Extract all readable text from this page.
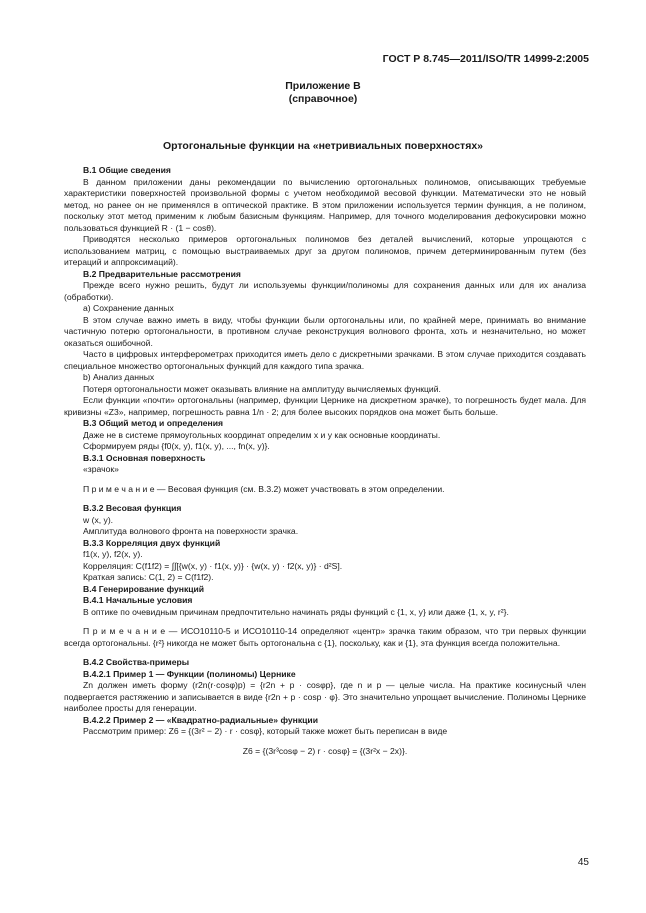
ГОСТ Р 8.745—2011/ISO/TR 14999-2:2005
Приложение В
(справочное)
Ортогональные функции на «нетривиальных поверхностях»

В.1 Общие сведения

В данном приложении даны рекомендации по вычислению ортогональных полиномов, описывающих требуемые характеристики поверхностей произвольной формы с учетом необходимой весовой функции. Математически это не новый метод, но ранее он не применялся в оптической практике. В этом приложении используется термин функция, а не полином, поскольку этот метод применим к любым базисным функциям. Например, для точного моделирования дефокусировки можно пользоваться функцией R · (1 − cosθ).

Приводятся несколько примеров ортогональных полиномов без деталей вычислений, которые упрощаются с использованием матриц, с помощью выстраиваемых друг за другом полиномов, причем детерминированным путем (без итераций и аппроксимаций).

В.2 Предварительные рассмотрения

Прежде всего нужно решить, будут ли используемы функции/полиномы для сохранения данных или для их анализа (обработки).

а) Сохранение данных

В этом случае важно иметь в виду, чтобы функции были ортогональны или, по крайней мере, принимать во внимание частичную потерю ортогональности, в противном случае реконструкция волнового фронта, хоть и незначительно, но может оказаться ошибочной.

Часто в цифровых интерферометрах приходится иметь дело с дискретными зрачками. В этом случае приходится создавать специальное множество ортогональных функций для каждого типа зрачка.

b) Анализ данных

Потеря ортогональности может оказывать влияние на амплитуду вычисляемых функций.

Если функции «почти» ортогональны (например, функции Цернике на дискретном зрачке), то погрешность будет мала. Для кривизны «Z3», например, погрешность равна 1/n · 2; для более высоких порядков она может быть больше.

В.3 Общий метод и определения

Даже не в системе прямоугольных координат определим x и y как основные координаты.

Сформируем ряды {f0(x, y), f1(x, y), ..., fn(x, y)}.

В.3.1 Основная поверхность

«зрачок»

П р и м е ч а н и е — Весовая функция (см. В.3.2) может участвовать в этом определении.

В.3.2 Весовая функция

w (x, y).

Амплитуда волнового фронта на поверхности зрачка.

В.3.3 Корреляция двух функций

f1(x, y), f2(x, y).

Корреляция: C(f1f2) = ∫∫[{w(x, y) · f1(x, y)} · {w(x, y) · f2(x, y)} · d²S].

Краткая запись: C(1, 2) = C(f1f2).

В.4 Генерирование функций

В.4.1 Начальные условия

В оптике по очевидным причинам предпочтительно начинать ряды функций с {1, x, y} или даже {1, x, y, r²}.

П р и м е ч а н и е — ИСО10110-5 и ИСО10110-14 определяют «центр» зрачка таким образом, что три первых функции всегда ортогональны. {r²} никогда не может быть ортогональна с {1}, поскольку, как и {1}, эта функция всегда положительна.

В.4.2 Свойства-примеры

В.4.2.1 Пример 1 — Функции (полиномы) Цернике

Zn должен иметь форму (r2n(r·cosφ)p) = {r2n + p · cosφp}, где n и p — целые числа. На практике косинусный член подвергается растяжению и записывается в виде {r2n + p · cosp · φ}. Это значительно упрощает вычисление. Полиномы Цернике наиболее просты для генерации.

В.4.2.2 Пример 2 — «Квадратно-радиальные» функции

Рассмотрим пример: Z6 = {(3r² − 2) · r · cosφ}, который также может быть переписан в виде

Z6 = {(3r³cosφ − 2) r · cosφ} = {(3r²x − 2x)}.

45
